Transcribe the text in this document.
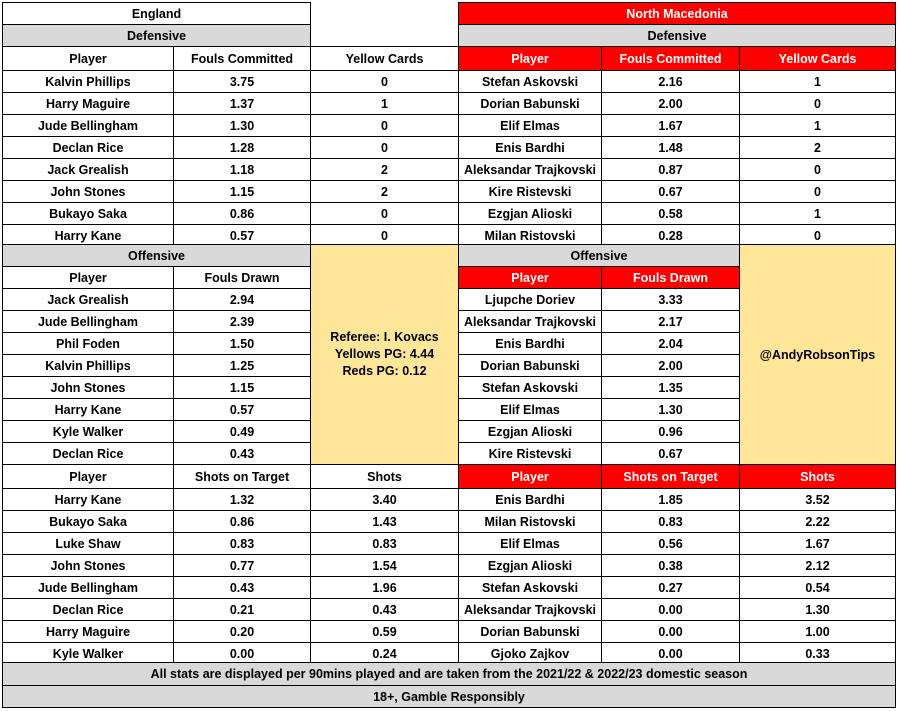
England	North Macedonia
Defensive	Defensive
Player	Fouls Committed	Yellow Cards
Kalvin Phillips	3.75	0
Harry Maguire	1.37	1
Jude Bellingham	1.30	0
Declan Rice	1.28	0
Jack Grealish	1.18	2
John Stones	1.15	2
Bukayo Saka	0.86	0
Harry Kane	0.57	0
Player	Fouls Committed	Yellow Cards
Stefan Askovski	2.16	1
Dorian Babunski	2.00	0
Elif Elmas	1.67	1
Enis Bardhi	1.48	2
Aleksandar Trajkovski	0.87	0
Kire Ristevski	0.67	0
Ezgjan Alioski	0.58	1
Milan Ristovski	0.28	0
Offensive
Player	Fouls Drawn
Jack Grealish	2.94
Jude Bellingham	2.39
Phil Foden	1.50
Kalvin Phillips	1.25
John Stones	1.15
Harry Kane	0.57
Kyle Walker	0.49
Declan Rice	0.43
Offensive
Player	Fouls Drawn
Ljupche Doriev	3.33
Aleksandar Trajkovski	2.17
Enis Bardhi	2.04
Dorian Babunski	2.00
Stefan Askovski	1.35
Elif Elmas	1.30
Ezgjan Alioski	0.96
Kire Ristevski	0.67
Referee: I. Kovacs
Yellows PG: 4.44
Reds PG: 0.12
@AndyRobsonTips
Player	Shots on Target	Shots
Harry Kane	1.32	3.40
Bukayo Saka	0.86	1.43
Luke Shaw	0.83	0.83
John Stones	0.77	1.54
Jude Bellingham	0.43	1.96
Declan Rice	0.21	0.43
Harry Maguire	0.20	0.59
Kyle Walker	0.00	0.24
Player	Shots on Target	Shots
Enis Bardhi	1.85	3.52
Milan Ristovski	0.83	2.22
Elif Elmas	0.56	1.67
Ezgjan Alioski	0.38	2.12
Stefan Askovski	0.27	0.54
Aleksandar Trajkovski	0.00	1.30
Dorian Babunski	0.00	1.00
Gjoko Zajkov	0.00	0.33
All stats are displayed per 90mins played and are taken from the 2021/22 & 2022/23 domestic season
18+, Gamble Responsibly
